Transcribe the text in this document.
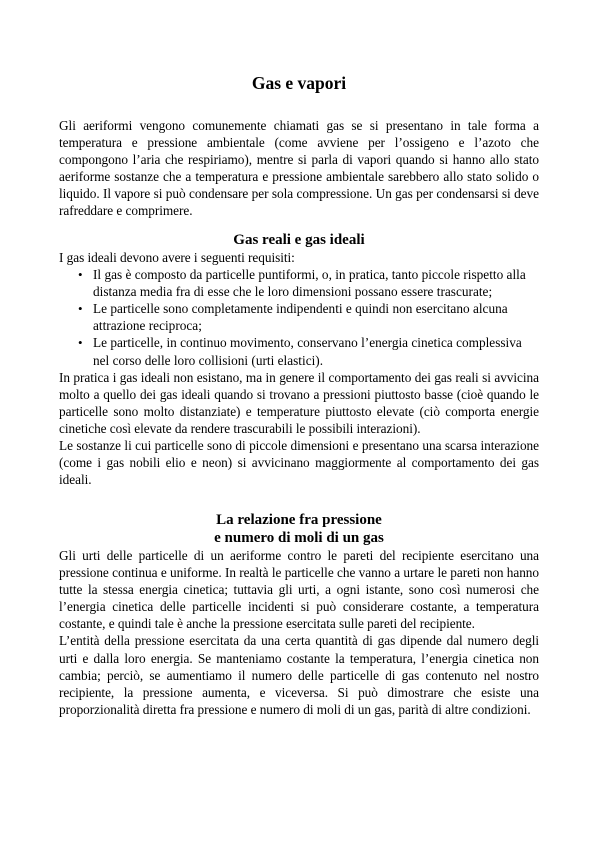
Gas e vapori

Gli aeriformi vengono comunemente chiamati gas se si presentano in tale forma a temperatura e pressione ambientale (come avviene per l’ossigeno e l’azoto che compongono l’aria che respiriamo), mentre si parla di vapori quando si hanno allo stato aeriforme sostanze che a temperatura e pressione ambientale sarebbero allo stato solido o liquido. Il vapore si può condensare per sola compressione. Un gas per condensarsi si deve rafreddare e comprimere.

Gas reali e gas ideali

I gas ideali devono avere i seguenti requisiti:

• Il gas è composto da particelle puntiformi, o, in pratica, tanto piccole rispetto alla distanza media fra di esse che le loro dimensioni possano essere trascurate;
• Le particelle sono completamente indipendenti e quindi non esercitano alcuna attrazione reciproca;
• Le particelle, in continuo movimento, conservano l’energia cinetica complessiva nel corso delle loro collisioni (urti elastici).

In pratica i gas ideali non esistano, ma in genere il comportamento dei gas reali si avvicina molto a quello dei gas ideali quando si trovano a pressioni piuttosto basse (cioè quando le particelle sono molto distanziate) e temperature piuttosto elevate (ciò comporta energie cinetiche così elevate da rendere trascurabili le possibili interazioni).

Le sostanze li cui particelle sono di piccole dimensioni e presentano una scarsa interazione (come i gas nobili elio e neon) si avvicinano maggiormente al comportamento dei gas ideali.

La relazione fra pressione
e numero di moli di un gas

Gli urti delle particelle di un aeriforme contro le pareti del recipiente esercitano una pressione continua e uniforme. In realtà le particelle che vanno a urtare le pareti non hanno tutte la stessa energia cinetica; tuttavia gli urti, a ogni istante, sono così numerosi che l’energia cinetica delle particelle incidenti si può considerare costante, a temperatura costante, e quindi tale è anche la pressione esercitata sulle pareti del recipiente.

L’entità della pressione esercitata da una certa quantità di gas dipende dal numero degli urti e dalla loro energia. Se manteniamo costante la temperatura, l’energia cinetica non cambia; perciò, se aumentiamo il numero delle particelle di gas contenuto nel nostro recipiente, la pressione aumenta, e viceversa. Si può dimostrare che esiste una proporzionalità diretta fra pressione e numero di moli di un gas, parità di altre condizioni.
